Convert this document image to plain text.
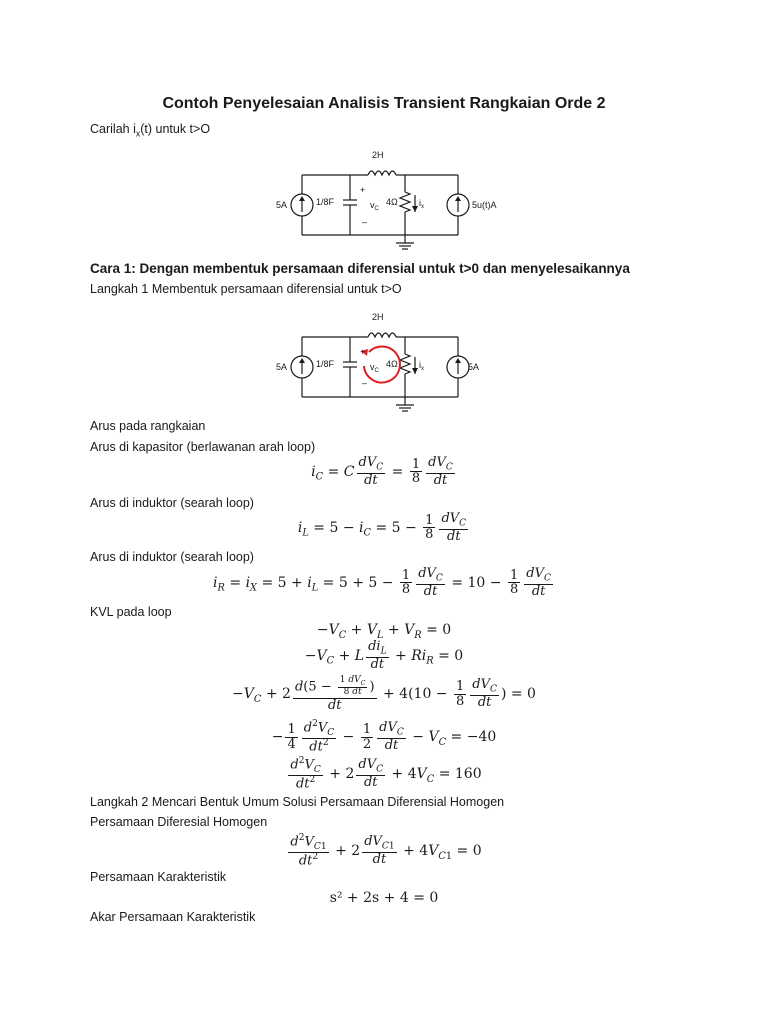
Contoh Penyelesaian Analisis Transient Rangkaian Orde 2
Carilah $i_x(t)$ untuk t>O
2H
5A	1/8F
+
–
$v_C$
4Ω $i_x$	5u(t)A
Cara 1: Dengan membentuk persamaan diferensial untuk t>0 dan menyelesaikannya
Langkah 1 Membentuk persamaan diferensial untuk t>O
2H
5A	1/8F
+
–
$v_C$
4Ω $i_x$	5A
Arus pada rangkaian
Arus di kapasitor (berlawanan arah loop)
$i_C = C \frac{dV_C}{dt} = \frac{1}{8} \frac{dV_C}{dt}$
Arus di induktor (searah loop)
$i_L = 5 - i_C = 5 - \frac{1}{8} \frac{dV_C}{dt}$
Arus di induktor (searah loop)
$i_R = i_X = 5 + i_L = 5 + 5 - \frac{1}{8} \frac{dV_C}{dt} = 10 - \frac{1}{8} \frac{dV_C}{dt}$
KVL pada loop
$-V_C + V_L + V_R = 0$
$-V_C + L \frac{di_L}{dt} + Ri_R = 0$
$-V_C + 2 \frac{d(5 - \frac{1 dV_C}{8 dt} )}{dt} + 4(10 - \frac{1}{8} \frac{dV_C}{dt}$ ) = 0
− $\frac{1}{4} \frac{d^2V_C}{dt^2} - \frac{1}{2} \frac{dV_C}{dt} - V_C = -40$
$\frac{d^2V_C}{dt^2} + 2 \frac{dV_C}{dt} + 4V_C = 160$
Langkah 2 Mencari Bentuk Umum Solusi Persamaan Diferensial Homogen
Persamaan Diferesial Homogen
$\frac{d^2V_{C1}}{dt^2} + 2 \frac{dV_{C1}}{dt} + 4V_{C1} = 0$
Persamaan Karakteristik
s² + 2s + 4 = 0
Akar Persamaan Karakteristik
